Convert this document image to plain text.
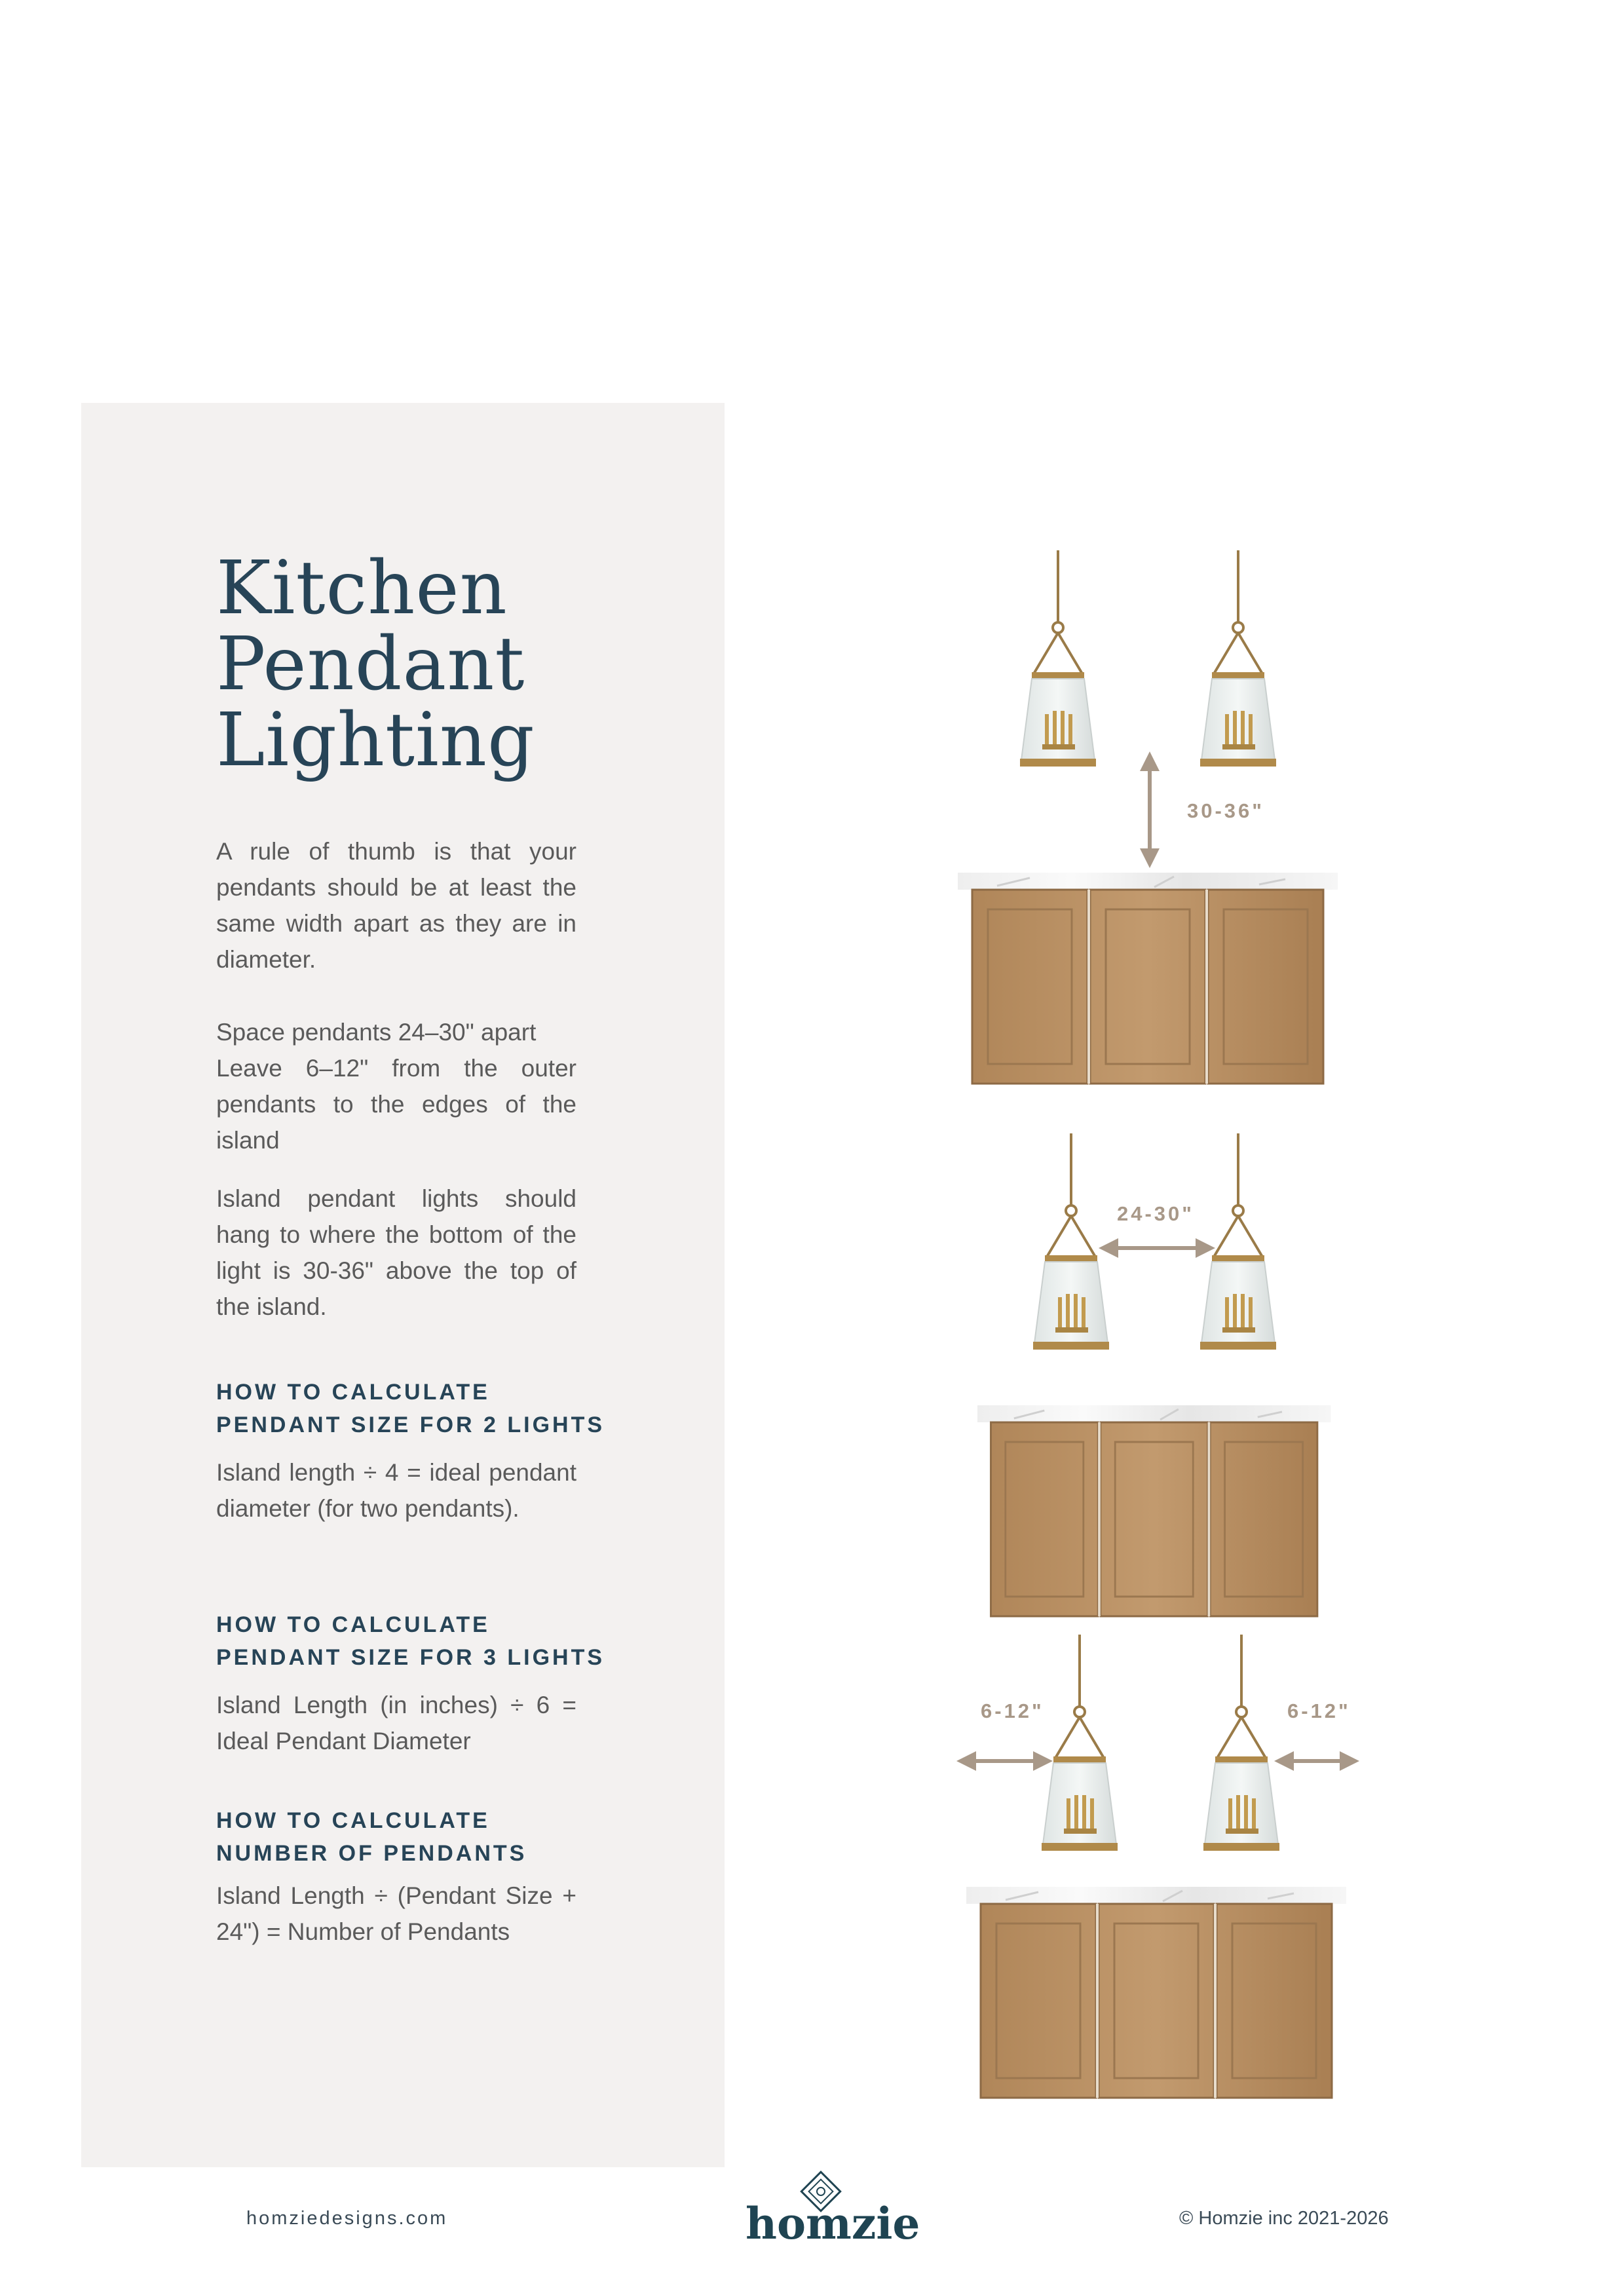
Kitchen
Pendant
Lighting

A rule of thumb is that your pendants should be at least the same width apart as they are in diameter.

Space pendants 24–30" apart

Leave 6–12" from the outer pendants to the edges of the island

Island pendant lights should hang to where the bottom of the light is 30-36" above the top of the island.

HOW TO CALCULATE
PENDANT SIZE FOR 2 LIGHTS

Island length ÷ 4 = ideal pendant diameter (for two pendants).

HOW TO CALCULATE
PENDANT SIZE FOR 3 LIGHTS

Island Length (in inches) ÷ 6 = Ideal Pendant Diameter

HOW TO CALCULATE
NUMBER OF PENDANTS

Island Length ÷ (Pendant Size + 24") = Number of Pendants

30-36"
24-30"
6-12"	6-12"
homziedesigns.com	homzie	© Homzie inc 2021-2026
